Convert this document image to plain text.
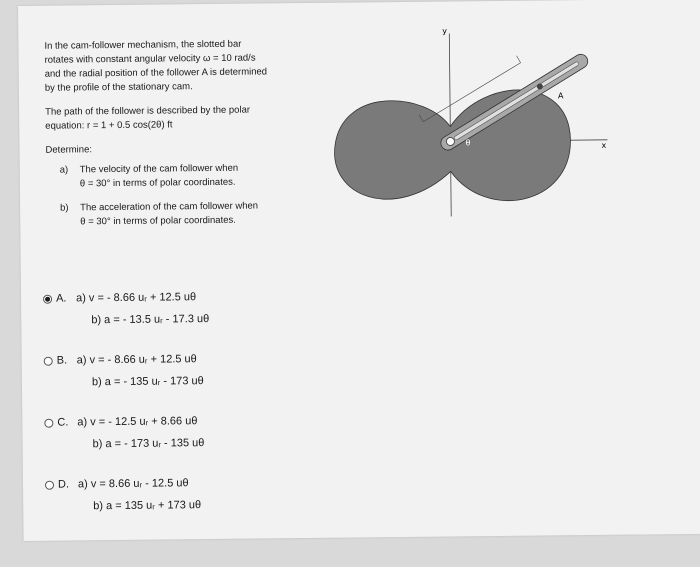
In the cam-follower mechanism, the slotted bar

rotates with constant angular velocity ω = 10 rad/s

and the radial position of the follower A is determined

by the profile of the stationary cam.

The path of the follower is described by the polar

equation: r = 1 + 0.5 cos(2θ) ft

Determine:

a)	The velocity of the cam follower when
θ = 30° in terms of polar coordinates.
b)	The acceleration of the cam follower when
θ = 30° in terms of polar coordinates.
y
x
A
θ
A. a) v = - 8.66 uᵣ + 12.5 uθ
b) a = - 13.5 uᵣ - 17.3 uθ
B. a) v = - 8.66 uᵣ + 12.5 uθ
b) a = - 135 uᵣ - 173 uθ
C. a) v = - 12.5 uᵣ + 8.66 uθ
b) a = - 173 uᵣ - 135 uθ
D. a) v = 8.66 uᵣ - 12.5 uθ
b) a = 135 uᵣ + 173 uθ
